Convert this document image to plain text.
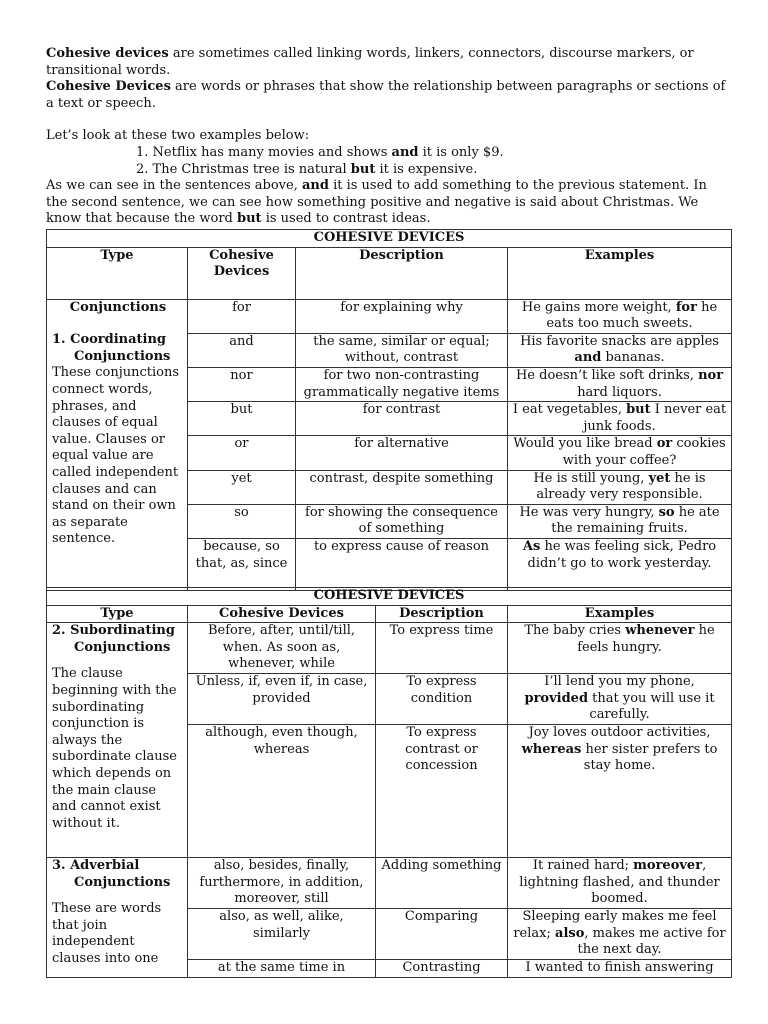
Cohesive devices are sometimes called linking words, linkers, connectors, discourse markers, or transitional words.

Cohesive Devices are words or phrases that show the relationship between paragraphs or sections of a text or speech.

Let’s look at these two examples below:

1. Netflix has many movies and shows and it is only $9.
2. The Christmas tree is natural but it is expensive.

As we can see in the sentences above, and it is used to add something to the previous statement. In the second sentence, we can see how something positive and negative is said about Christmas. We know that because the word but is used to contrast ideas.

COHESIVE DEVICES			
Type	Cohesive Devices	Description	Examples

Conjunctions
1. Coordinating Conjunctions
These conjunctions connect words, phrases, and clauses of equal value. Clauses or equal value are called independent clauses and can stand on their own as separate sentence.	for	for explaining why	He gains more weight, for he eats too much sweets.
	and	the same, similar or equal; without, contrast	His favorite snacks are apples and bananas.
	nor	for two non-contrasting grammatically negative items	He doesn’t like soft drinks, nor hard liquors.
	but	for contrast	I eat vegetables, but I never eat junk foods.
	or	for alternative	Would you like bread or cookies with your coffee?
	yet	contrast, despite something	He is still young, yet he is already very responsible.
	so	for showing the consequence of something	He was very hungry, so he ate the remaining fruits.
	because, so that, as, since	to express cause of reason	As he was feeling sick, Pedro didn’t go to work yesterday.
COHESIVE DEVICES			
Type	Cohesive Devices	Description	Examples

2. Subordinating Conjunctions
The clause beginning with the subordinating conjunction is always the subordinate clause which depends on the main clause and cannot exist without it.	Before, after, until/till, when. As soon as, whenever, while	To express time	The baby cries whenever he feels hungry.
	Unless, if, even if, in case, provided	To express condition	I’ll lend you my phone, provided that you will use it carefully.
	although, even though, whereas	To express contrast or concession	Joy loves outdoor activities, whereas her sister prefers to stay home.

3. Adverbial Conjunctions
These are words that join independent clauses into one	also, besides, finally, furthermore, in addition, moreover, still	Adding something	It rained hard; moreover, lightning flashed, and thunder boomed.
	also, as well, alike, similarly	Comparing	Sleeping early makes me feel relax; also, makes me active for the next day.
	at the same time in	Contrasting	I wanted to finish answering
